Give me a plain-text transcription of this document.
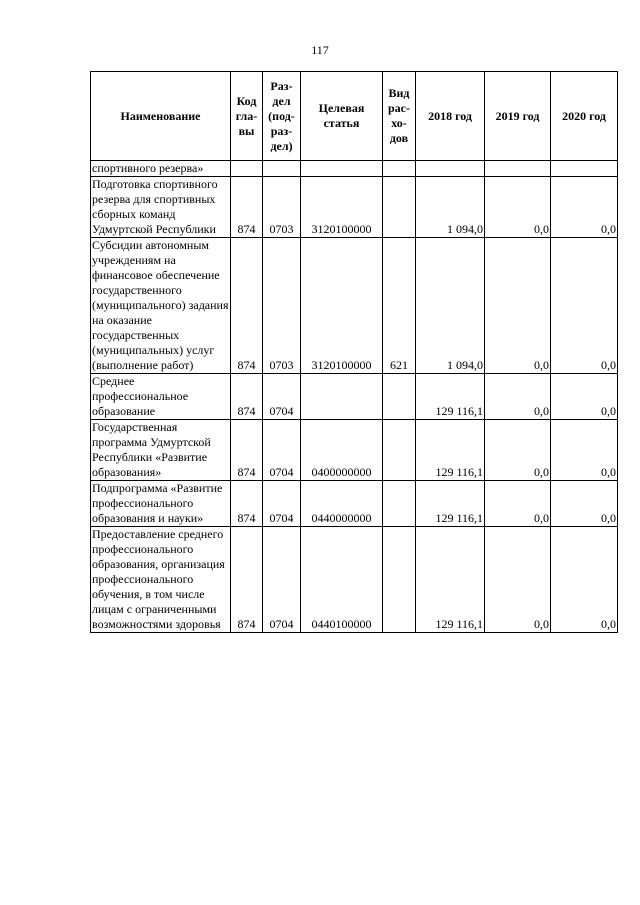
117
Наименование	Код гла-вы	Раз-дел (под-раз-дел)	Целевая статья	Вид рас-хо-дов	2018 год	2019 год	2020 год
спортивного резерва»							
Подготовка спортивного резерва для спортивных сборных команд Удмуртской Республики	874	0703	3120100000		1 094,0	0,0	0,0
Субсидии автономным учреждениям на финансовое обеспечение государственного (муниципального) задания на оказание государственных (муниципальных) услуг (выполнение работ)	874	0703	3120100000	621	1 094,0	0,0	0,0
Среднее профессиональное образование	874	0704			129 116,1	0,0	0,0
Государственная программа Удмуртской Республики «Развитие образования»	874	0704	0400000000		129 116,1	0,0	0,0
Подпрограмма «Развитие профессионального образования и науки»	874	0704	0440000000		129 116,1	0,0	0,0
Предоставление среднего профессионального образования, организация профессионального обучения, в том числе лицам с ограниченными возможностями здоровья	874	0704	0440100000		129 116,1	0,0	0,0
